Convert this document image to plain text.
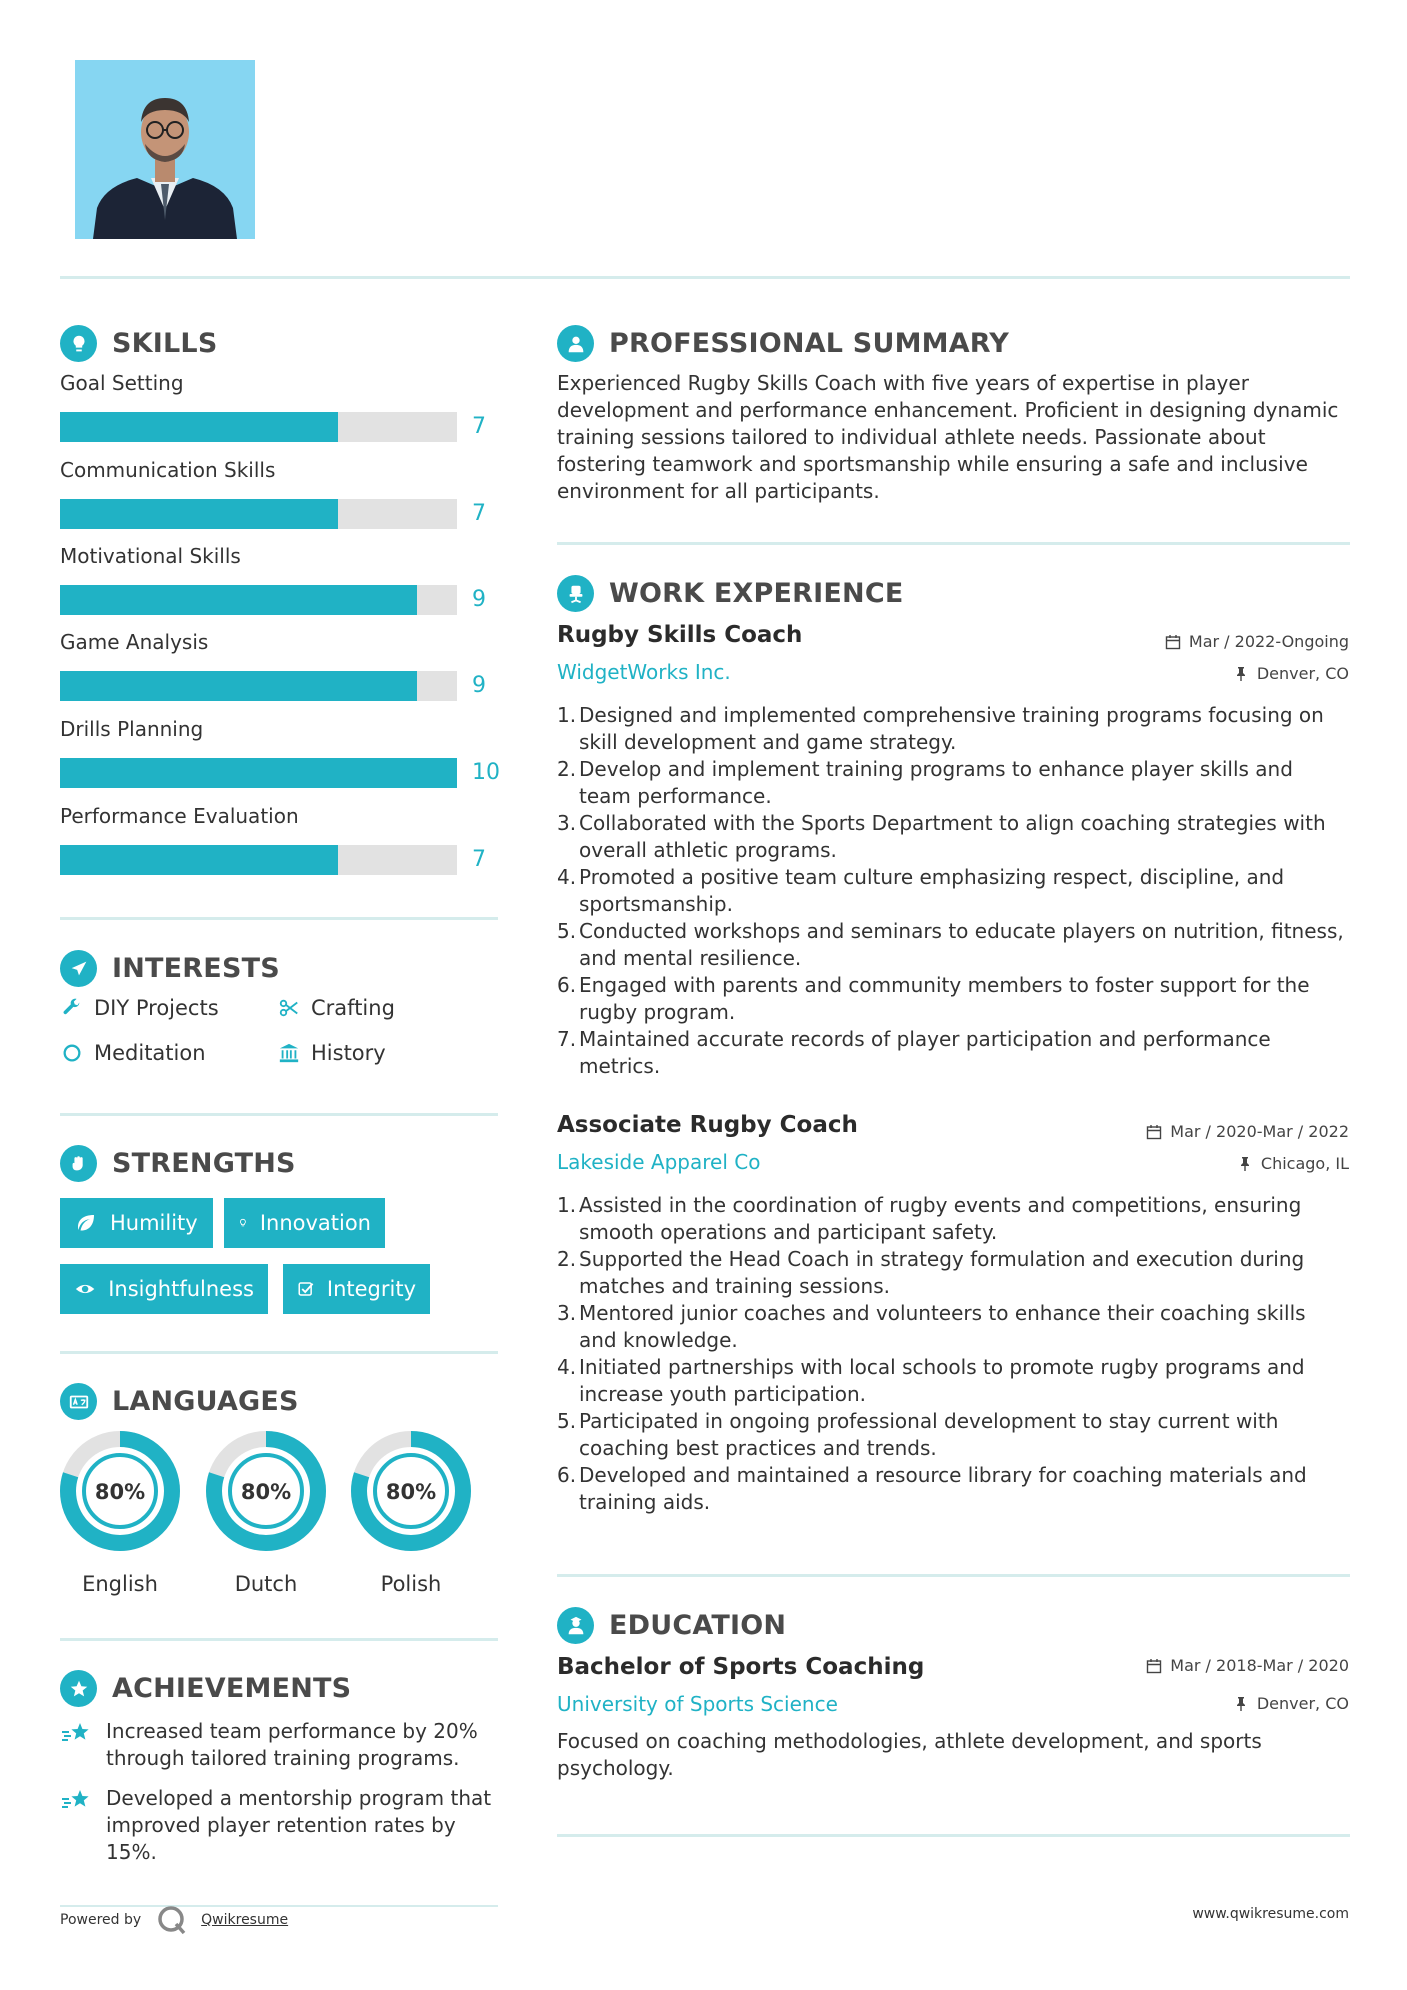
SKILLS
Goal Setting
7
Communication Skills
7
Motivational Skills
9
Game Analysis
9
Drills Planning
10
Performance Evaluation
7
INTERESTS
DIY Projects	Crafting
Meditation	History
STRENGTHS
Humility	Innovation
Insightfulness	Integrity
LANGUAGES
80%
English
80%
Dutch
80%
Polish
ACHIEVEMENTS
Increased team performance by 20% through tailored training programs.
Developed a mentorship program that improved player retention rates by 15%.
PROFESSIONAL SUMMARY
Experienced Rugby Skills Coach with five years of expertise in player development and performance enhancement. Proficient in designing dynamic training sessions tailored to individual athlete needs. Passionate about fostering teamwork and sportsmanship while ensuring a safe and inclusive environment for all participants.
WORK EXPERIENCE
Rugby Skills Coach	Mar / 2022-Ongoing
WidgetWorks Inc.	Denver, CO
1. Designed and implemented comprehensive training programs focusing on skill development and game strategy.
2. Develop and implement training programs to enhance player skills and team performance.
3. Collaborated with the Sports Department to align coaching strategies with overall athletic programs.
4. Promoted a positive team culture emphasizing respect, discipline, and sportsmanship.
5. Conducted workshops and seminars to educate players on nutrition, fitness, and mental resilience.
6. Engaged with parents and community members to foster support for the rugby program.
7. Maintained accurate records of player participation and performance metrics.
Associate Rugby Coach	Mar / 2020-Mar / 2022
Lakeside Apparel Co	Chicago, IL
1. Assisted in the coordination of rugby events and competitions, ensuring smooth operations and participant safety.
2. Supported the Head Coach in strategy formulation and execution during matches and training sessions.
3. Mentored junior coaches and volunteers to enhance their coaching skills and knowledge.
4. Initiated partnerships with local schools to promote rugby programs and increase youth participation.
5. Participated in ongoing professional development to stay current with coaching best practices and trends.
6. Developed and maintained a resource library for coaching materials and training aids.
EDUCATION
Bachelor of Sports Coaching	Mar / 2018-Mar / 2020
University of Sports Science	Denver, CO
Focused on coaching methodologies, athlete development, and sports psychology.
Powered by	Qwikresume	www.qwikresume.com
